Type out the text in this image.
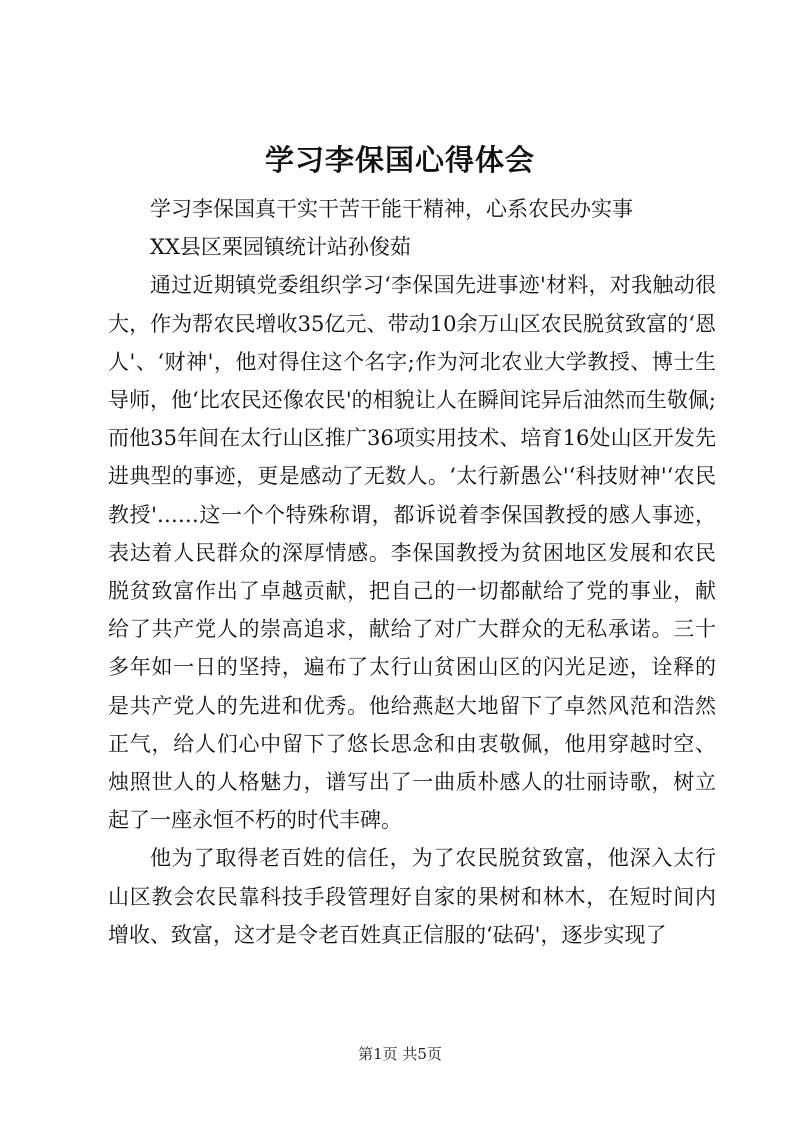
学习李保国心得体会

学习李保国真干实干苦干能干精神，心系农民办实事

XX县区栗园镇统计站孙俊茹

通过近期镇党委组织学习‘李保国先进事迹'材料，对我触动很大，作为帮农民增收35亿元、带动10余万山区农民脱贫致富的‘恩人'、‘财神'，他对得住这个名字;作为河北农业大学教授、博士生导师，他‘比农民还像农民'的相貌让人在瞬间诧异后油然而生敬佩;而他35年间在太行山区推广36项实用技术、培育16处山区开发先进典型的事迹，更是感动了无数人。‘太行新愚公'‘科技财神'‘农民教授'……这一个个特殊称谓，都诉说着李保国教授的感人事迹，表达着人民群众的深厚情感。李保国教授为贫困地区发展和农民脱贫致富作出了卓越贡献，把自己的一切都献给了党的事业，献给了共产党人的崇高追求，献给了对广大群众的无私承诺。三十多年如一日的坚持，遍布了太行山贫困山区的闪光足迹，诠释的是共产党人的先进和优秀。他给燕赵大地留下了卓然风范和浩然正气，给人们心中留下了悠长思念和由衷敬佩，他用穿越时空、烛照世人的人格魅力，谱写出了一曲质朴感人的壮丽诗歌，树立起了一座永恒不朽的时代丰碑。

他为了取得老百姓的信任，为了农民脱贫致富，他深入太行山区教会农民靠科技手段管理好自家的果树和林木，在短时间内增收、致富，这才是令老百姓真正信服的‘砝码'，逐步实现了

第1页 共5页
